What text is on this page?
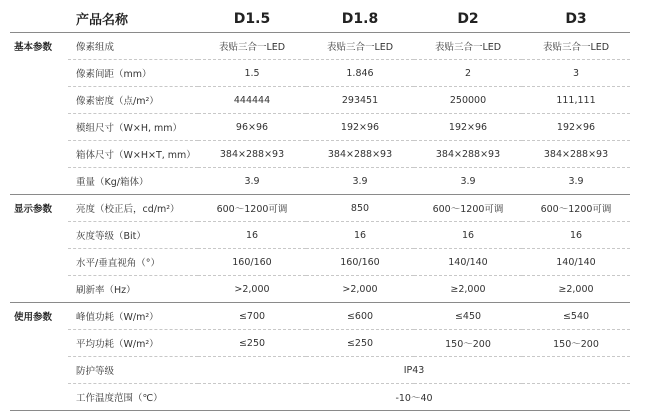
	产品名称	D1.5	D1.8	D2	D3
基本参数	像素组成	表贴三合一LED	表贴三合一LED	表贴三合一LED	表贴三合一LED
	像素间距（mm）	1.5	1.846	2	3
	像素密度（点/m²）	444444	293451	250000	111,111
	模组尺寸（W×H, mm）	96×96	192×96	192×96	192×96
	箱体尺寸（W×H×T, mm）	384×288×93	384×288×93	384×288×93	384×288×93
	重量（Kg/箱体）	3.9	3.9	3.9	3.9
显示参数	亮度（校正后，cd/m²）	600～1200可调	850	600～1200可调	600～1200可调
	灰度等级（Bit）	16	16	16	16
	水平/垂直视角（°）	160/160	160/160	140/140	140/140
	刷新率（Hz）	>2,000	>2,000	≥2,000	≥2,000
使用参数	峰值功耗（W/m²）	≤700	≤600	≤450	≤540
	平均功耗（W/m²）	≤250	≤250	150～200	150～200
	防护等级	IP43			
	工作温度范围（℃）	-10～40			
